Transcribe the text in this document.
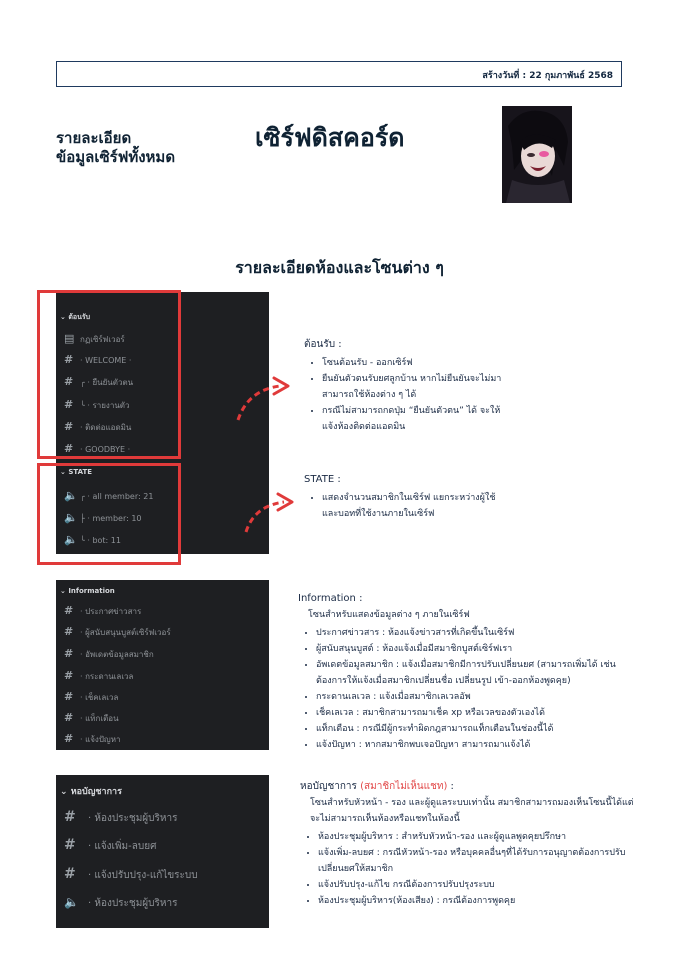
สร้างวันที่ : 22 กุมภาพันธ์ 2568
รายละเอียด
ข้อมูลเซิร์ฟทั้งหมด
เซิร์ฟดิสคอร์ด
รายละเอียดห้องและโซนต่าง ๆ
⌄ ต้อนรับ
▤ กฏเซิร์ฟเวอร์
# · WELCOME ·
# ╭ · ยืนยันตัวตน
# ╰ · รายงานตัว
# · ติดต่อแอดมิน
# · GOODBYE ·
⌄ STATE
🔈 ╭ · all member: 21
🔈 ├ · member: 10
🔈 ╰ · bot: 11
ต้อนรับ :
• โซนต้อนรับ - ออกเซิร์ฟ
• ยืนยันตัวตนรับยศลูกบ้าน หากไม่ยืนยันจะไม่มาสามารถใช้ห้องต่าง ๆ ได้
• กรณีไม่สามารถกดปุ่ม “ยืนยันตัวตน” ได้ จะให้แจ้งห้องติดต่อแอดมิน
STATE :
• แสดงจำนวนสมาชิกในเซิร์ฟ แยกระหว่างผู้ใช้และบอทที่ใช้งานภายในเซิร์ฟ
⌄ Information
# · ประกาศข่าวสาร
# · ผู้สนับสนุนบูสต์เซิร์ฟเวอร์
# · อัพเดตข้อมูลสมาชิก
# · กระดานเลเวล
# · เช็คเลเวล
# · แท็กเตือน
# · แจ้งปัญหา
Information :
โซนสำหรับแสดงข้อมูลต่าง ๆ ภายในเซิร์ฟ
• ประกาศข่าวสาร : ห้องแจ้งข่าวสารที่เกิดขึ้นในเซิร์ฟ
• ผู้สนับสนุนบูสต์ : ห้องแจ้งเมื่อมีสมาชิกบูสต์เซิร์ฟเรา
• อัพเดตข้อมูลสมาชิก : แจ้งเมื่อสมาชิกมีการปรับเปลี่ยนยศ (สามารถเพิ่มได้ เช่น ต้องการให้แจ้งเมื่อสมาชิกเปลี่ยนชื่อ เปลี่ยนรูป เข้า-ออกห้องพูดคุย)
• กระดานเลเวล : แจ้งเมื่อสมาชิกเลเวลอัพ
• เช็คเลเวล : สมาชิกสามารถมาเช็ค xp หรือเวลของตัวเองได้
• แท็กเตือน : กรณีมีผู้กระทำผิดกฎสามารถแท็กเตือนในช่องนี้ได้
• แจ้งปัญหา : หากสมาชิกพบเจอปัญหา สามารถมาแจ้งได้
⌄ หอบัญชาการ
# · ห้องประชุมผู้บริหาร
# · แจ้งเพิ่ม-ลบยศ
# · แจ้งปรับปรุง-แก้ไขระบบ
🔈 · ห้องประชุมผู้บริหาร
หอบัญชาการ (สมาชิกไม่เห็นแชท) :
โซนสำหรับหัวหน้า - รอง และผู้ดูแลระบบเท่านั้น สมาชิกสามารถมองเห็นโซนนี้ได้แต่จะไม่สามารถเห็นห้องหรือแชทในห้องนี้
• ห้องประชุมผู้บริหาร : สำหรับหัวหน้า-รอง และผู้ดูแลพูดคุยปรึกษา
• แจ้งเพิ่ม-ลบยศ : กรณีหัวหน้า-รอง หรือบุคคลอื่นๆที่ได้รับการอนุญาตต้องการปรับเปลี่ยนยศให้สมาชิก
• แจ้งปรับปรุง-แก้ไข กรณีต้องการปรับปรุงระบบ
• ห้องประชุมผู้บริหาร(ห้องเสียง) : กรณีต้องการพูดคุย
